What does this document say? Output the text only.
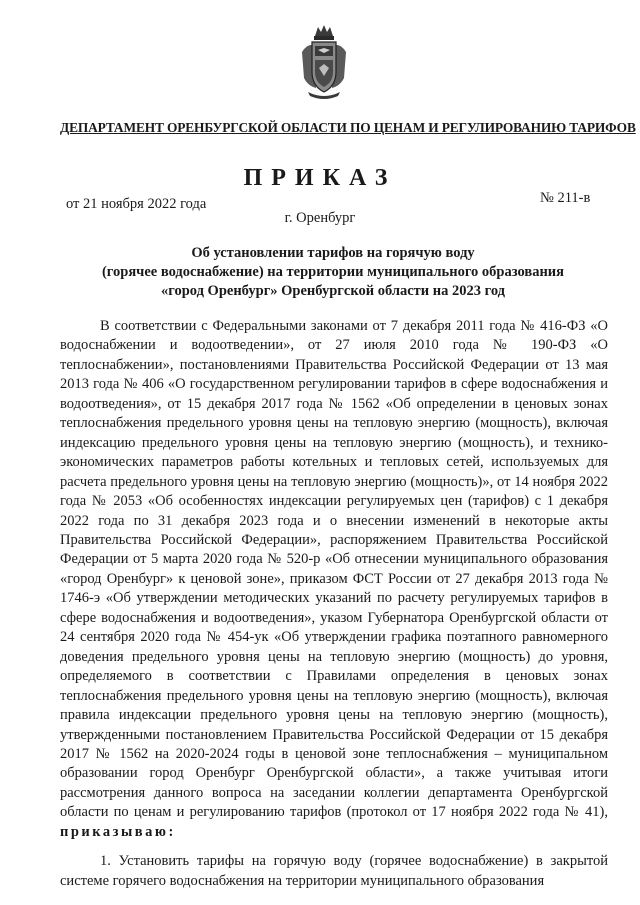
ДЕПАРТАМЕНТ ОРЕНБУРГСКОЙ ОБЛАСТИ ПО ЦЕНАМ И РЕГУЛИРОВАНИЮ ТАРИФОВ
ПРИКАЗ
от 21 ноября 2022 года	№ 211-в
г. Оренбург
Об установлении тарифов на горячую воду
(горячее водоснабжение) на территории муниципального образования
«город Оренбург» Оренбургской области на 2023 год

В соответствии с Федеральными законами от 7 декабря 2011 года № 416-ФЗ «О водоснабжении и водоотведении», от 27 июля 2010 года № 190-ФЗ «О теплоснабжении», постановлениями Правительства Российской Федерации от 13 мая 2013 года № 406 «О государственном регулировании тарифов в сфере водоснабжения и водоотведения», от 15 декабря 2017 года № 1562 «Об определении в ценовых зонах теплоснабжения предельного уровня цены на тепловую энергию (мощность), включая индексацию предельного уровня цены на тепловую энергию (мощность), и технико-экономических параметров работы котельных и тепловых сетей, используемых для расчета предельного уровня цены на тепловую энергию (мощность)», от 14 ноября 2022 года № 2053 «Об особенностях индексации регулируемых цен (тарифов) с 1 декабря 2022 года по 31 декабря 2023 года и о внесении изменений в некоторые акты Правительства Российской Федерации», распоряжением Правительства Российской Федерации от 5 марта 2020 года № 520-р «Об отнесении муниципального образования «город Оренбург» к ценовой зоне», приказом ФСТ России от 27 декабря 2013 года № 1746-э «Об утверждении методических указаний по расчету регулируемых тарифов в сфере водоснабжения и водоотведения», указом Губернатора Оренбургской области от 24 сентября 2020 года № 454-ук «Об утверждении графика поэтапного равномерного доведения предельного уровня цены на тепловую энергию (мощность) до уровня, определяемого в соответствии с Правилами определения в ценовых зонах теплоснабжения предельного уровня цены на тепловую энергию (мощность), включая правила индексации предельного уровня цены на тепловую энергию (мощность), утвержденными постановлением Правительства Российской Федерации от 15 декабря 2017 № 1562 на 2020-2024 годы в ценовой зоне теплоснабжения – муниципальном образовании город Оренбург Оренбургской области», а также учитывая итоги рассмотрения данного вопроса на заседании коллегии департамента Оренбургской области по ценам и регулированию тарифов (протокол от 17 ноября 2022 года № 41), приказываю:

1. Установить тарифы на горячую воду (горячее водоснабжение) в закрытой системе горячего водоснабжения на территории муниципального образования
